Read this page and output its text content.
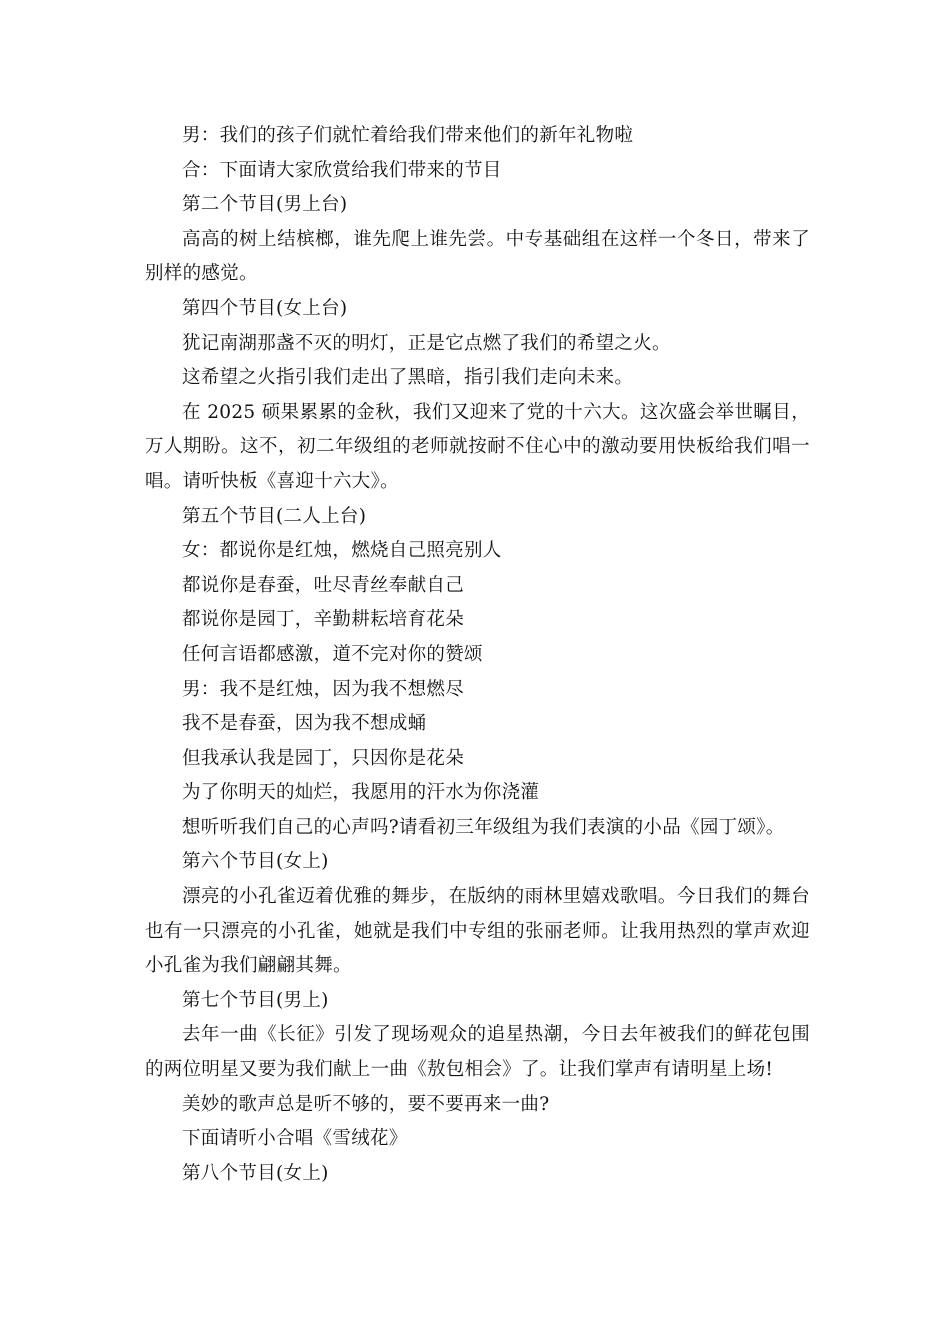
男：我们的孩子们就忙着给我们带来他们的新年礼物啦

合：下面请大家欣赏给我们带来的节目

第二个节目(男上台)

高高的树上结槟榔，谁先爬上谁先尝。中专基础组在这样一个冬日，带来了别样的感觉。

第四个节目(女上台)

犹记南湖那盏不灭的明灯，正是它点燃了我们的希望之火。

这希望之火指引我们走出了黑暗，指引我们走向未来。

在 2025 硕果累累的金秋，我们又迎来了党的十六大。这次盛会举世瞩目，万人期盼。这不，初二年级组的老师就按耐不住心中的激动要用快板给我们唱一唱。请听快板《喜迎十六大》。

第五个节目(二人上台)

女：都说你是红烛，燃烧自己照亮别人

都说你是春蚕，吐尽青丝奉献自己

都说你是园丁，辛勤耕耘培育花朵

任何言语都感激，道不完对你的赞颂

男：我不是红烛，因为我不想燃尽

我不是春蚕，因为我不想成蛹

但我承认我是园丁，只因你是花朵

为了你明天的灿烂，我愿用的汗水为你浇灌

想听听我们自己的心声吗?请看初三年级组为我们表演的小品《园丁颂》。

第六个节目(女上)

漂亮的小孔雀迈着优雅的舞步，在版纳的雨林里嬉戏歌唱。今日我们的舞台也有一只漂亮的小孔雀，她就是我们中专组的张丽老师。让我用热烈的掌声欢迎小孔雀为我们翩翩其舞。

第七个节目(男上)

去年一曲《长征》引发了现场观众的追星热潮，今日去年被我们的鲜花包围的两位明星又要为我们献上一曲《敖包相会》了。让我们掌声有请明星上场!

美妙的歌声总是听不够的，要不要再来一曲?

下面请听小合唱《雪绒花》

第八个节目(女上)
